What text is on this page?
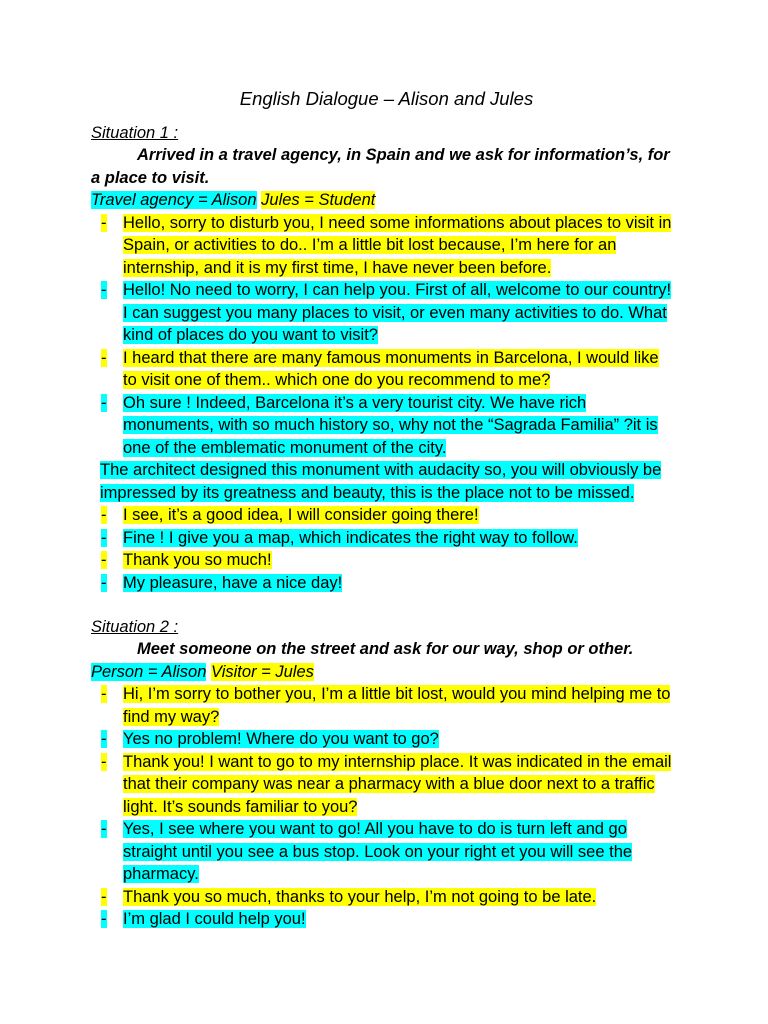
English Dialogue – Alison and Jules

Situation 1 :

Arrived in a travel agency, in Spain and we ask for information’s, for a place to visit.

Travel agency = Alison Jules = Student

-	Hello, sorry to disturb you, I need some informations about places to visit in Spain, or activities to do.. I’m a little bit lost because, I’m here for an internship, and it is my first time, I have never been before.
-	Hello! No need to worry, I can help you. First of all, welcome to our country! I can suggest you many places to visit, or even many activities to do. What kind of places do you want to visit?
-	I heard that there are many famous monuments in Barcelona, I would like to visit one of them.. which one do you recommend to me?
-	Oh sure ! Indeed, Barcelona it’s a very tourist city. We have rich monuments, with so much history so, why not the “Sagrada Familia” ?it is one of the emblematic monument of the city.

The architect designed this monument with audacity so, you will obviously be impressed by its greatness and beauty, this is the place not to be missed.

-	I see, it’s a good idea, I will consider going there!
-	Fine ! I give you a map, which indicates the right way to follow.
-	Thank you so much!
-	My pleasure, have a nice day!

Situation 2 :

Meet someone on the street and ask for our way, shop or other.

Person = Alison Visitor = Jules

-	Hi, I’m sorry to bother you, I’m a little bit lost, would you mind helping me to find my way?
-	Yes no problem! Where do you want to go?
-	Thank you! I want to go to my internship place. It was indicated in the email that their company was near a pharmacy with a blue door next to a traffic light. It’s sounds familiar to you?
-	Yes, I see where you want to go! All you have to do is turn left and go straight until you see a bus stop. Look on your right et you will see the pharmacy.
-	Thank you so much, thanks to your help, I’m not going to be late.
-	I’m glad I could help you!
